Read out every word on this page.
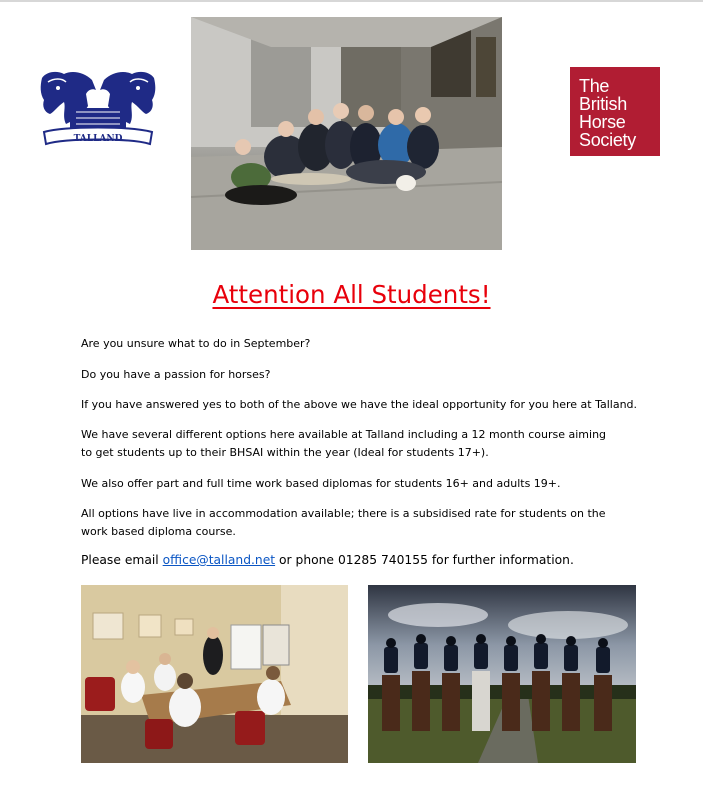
TALLAND
The
British
Horse
Society
Attention All Students!
Are you unsure what to do in September?
Do you have a passion for horses?
If you have answered yes to both of the above we have the ideal opportunity for you here at Talland.
We have several different options here available at Talland including a 12 month course aiming to get students up to their BHSAI within the year (Ideal for students 17+).
We also offer part and full time work based diplomas for students 16+ and adults 19+.
All options have live in accommodation available; there is a subsidised rate for students on the work based diploma course.
Please email office@talland.net or phone 01285 740155 for further information.
